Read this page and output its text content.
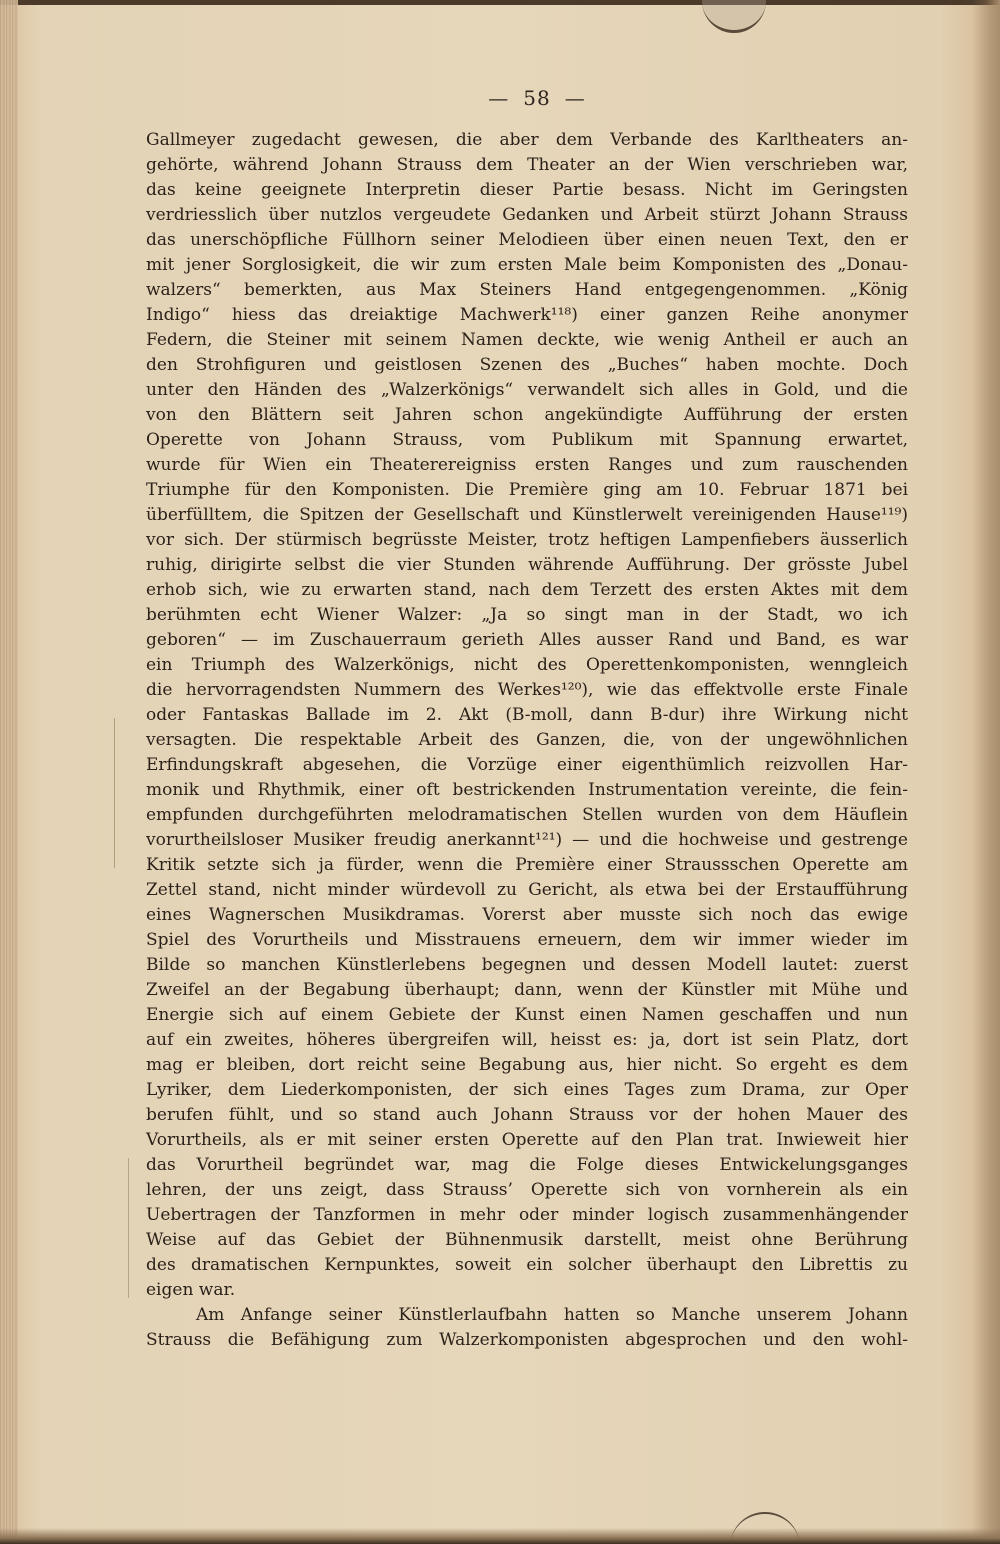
— 58 —
Gallmeyer zugedacht gewesen, die aber dem Verbande des Karltheaters an-
gehörte, während Johann Strauss dem Theater an der Wien verschrieben war,
das keine geeignete Interpretin dieser Partie besass. Nicht im Geringsten
verdriesslich über nutzlos vergeudete Gedanken und Arbeit stürzt Johann Strauss
das unerschöpfliche Füllhorn seiner Melodieen über einen neuen Text, den er
mit jener Sorglosigkeit, die wir zum ersten Male beim Komponisten des „Donau-
walzers“ bemerkten, aus Max Steiners Hand entgegengenommen. „König
Indigo“ hiess das dreiaktige Machwerk¹¹⁸) einer ganzen Reihe anonymer
Federn, die Steiner mit seinem Namen deckte, wie wenig Antheil er auch an
den Strohfiguren und geistlosen Szenen des „Buches“ haben mochte. Doch
unter den Händen des „Walzerkönigs“ verwandelt sich alles in Gold, und die
von den Blättern seit Jahren schon angekündigte Aufführung der ersten
Operette von Johann Strauss, vom Publikum mit Spannung erwartet,
wurde für Wien ein Theaterereigniss ersten Ranges und zum rauschenden
Triumphe für den Komponisten. Die Première ging am 10. Februar 1871 bei
überfülltem, die Spitzen der Gesellschaft und Künstlerwelt vereinigenden Hause¹¹⁹)
vor sich. Der stürmisch begrüsste Meister, trotz heftigen Lampenfiebers äusserlich
ruhig, dirigirte selbst die vier Stunden währende Aufführung. Der grösste Jubel
erhob sich, wie zu erwarten stand, nach dem Terzett des ersten Aktes mit dem
berühmten echt Wiener Walzer: „Ja so singt man in der Stadt, wo ich
geboren“ — im Zuschauerraum gerieth Alles ausser Rand und Band, es war
ein Triumph des Walzerkönigs, nicht des Operettenkomponisten, wenngleich
die hervorragendsten Nummern des Werkes¹²⁰), wie das effektvolle erste Finale
oder Fantaskas Ballade im 2. Akt (B-moll, dann B-dur) ihre Wirkung nicht
versagten. Die respektable Arbeit des Ganzen, die, von der ungewöhnlichen
Erfindungskraft abgesehen, die Vorzüge einer eigenthümlich reizvollen Har-
monik und Rhythmik, einer oft bestrickenden Instrumentation vereinte, die fein-
empfunden durchgeführten melodramatischen Stellen wurden von dem Häuflein
vorurtheilsloser Musiker freudig anerkannt¹²¹) — und die hochweise und gestrenge
Kritik setzte sich ja fürder, wenn die Première einer Straussschen Operette am
Zettel stand, nicht minder würdevoll zu Gericht, als etwa bei der Erstaufführung
eines Wagnerschen Musikdramas. Vorerst aber musste sich noch das ewige
Spiel des Vorurtheils und Misstrauens erneuern, dem wir immer wieder im
Bilde so manchen Künstlerlebens begegnen und dessen Modell lautet: zuerst
Zweifel an der Begabung überhaupt; dann, wenn der Künstler mit Mühe und
Energie sich auf einem Gebiete der Kunst einen Namen geschaffen und nun
auf ein zweites, höheres übergreifen will, heisst es: ja, dort ist sein Platz, dort
mag er bleiben, dort reicht seine Begabung aus, hier nicht. So ergeht es dem
Lyriker, dem Liederkomponisten, der sich eines Tages zum Drama, zur Oper
berufen fühlt, und so stand auch Johann Strauss vor der hohen Mauer des
Vorurtheils, als er mit seiner ersten Operette auf den Plan trat. Inwieweit hier
das Vorurtheil begründet war, mag die Folge dieses Entwickelungsganges
lehren, der uns zeigt, dass Strauss’ Operette sich von vornherein als ein
Uebertragen der Tanzformen in mehr oder minder logisch zusammenhängender
Weise auf das Gebiet der Bühnenmusik darstellt, meist ohne Berührung
des dramatischen Kernpunktes, soweit ein solcher überhaupt den Librettis zu
eigen war.
Am Anfange seiner Künstlerlaufbahn hatten so Manche unserem Johann
Strauss die Befähigung zum Walzerkomponisten abgesprochen und den wohl-
